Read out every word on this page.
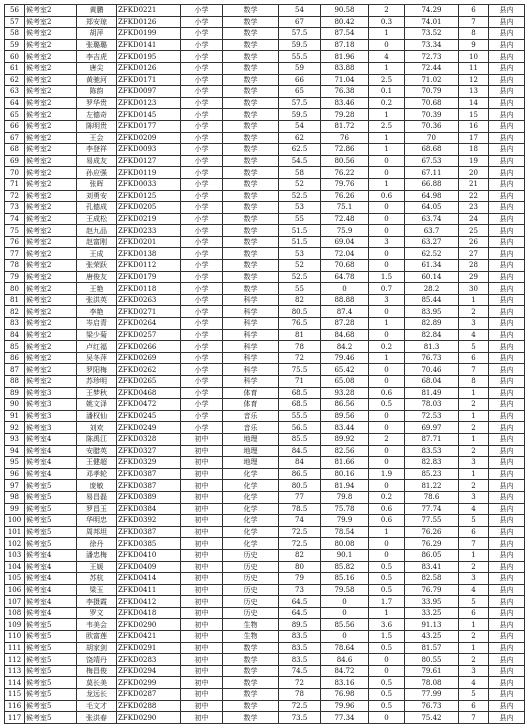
56	候考室2	黄鹏	ZFKD0221	小学	数学	54	90.58	2	74.29	6	县内
57	候考室2	郑安琼	ZFKD0126	小学	数学	67	80.42	0.3	74.01	7	县内
58	候考室2	胡萍	ZFKD0199	小学	数学	57.5	87.54	1	73.52	8	县内
59	候考室2	张璐璐	ZFKD0141	小学	数学	59.5	87.18	0	73.34	9	县内
60	候考室2	李吉虎	ZFKD0195	小学	数学	55.5	81.96	4	72.73	10	县内
61	候考室2	唐尖	ZFKD0126	小学	数学	59	83.88	1	72.44	11	县内
62	候考室2	黄驰河	ZFKD0171	小学	数学	66	71.04	2.5	71.02	12	县内
63	候考室2	陈韵	ZFKD0097	小学	数学	65	76.38	0.1	70.79	13	县内
64	候考室2	罗华贵	ZFKD0123	小学	数学	57.5	83.46	0.2	70.68	14	县内
65	候考室2	左德奇	ZFKD0145	小学	数学	59.5	79.28	1	70.39	15	县内
66	候考室2	陈明贵	ZFKD0177	小学	数学	54	81.72	2.5	70.36	16	县内
67	候考室2	王会	ZFKD0209	小学	数学	62	76	1	70	17	县内
68	候考室2	李登祥	ZFKD0093	小学	数学	62.5	72.86	1	68.68	18	县内
69	候考室2	易成友	ZFKD0127	小学	数学	54.5	80.56	0	67.53	19	县内
70	候考室2	孙应强	ZFKD0119	小学	数学	58	76.22	0	67.11	20	县内
71	候考室2	张晖	ZFKD0033	小学	数学	52	79.76	1	66.88	21	县内
72	候考室2	刘勇安	ZFKD0125	小学	数学	52.5	76.26	0.6	64.98	22	县内
73	候考室2	孔德成	ZFKD0205	小学	数学	53	75.1	0	64.05	23	县内
74	候考室2	王成松	ZFKD0219	小学	数学	55	72.48	0	63.74	24	县内
75	候考室2	赵九品	ZFKD0233	小学	数学	51.5	75.9	0	63.7	25	县内
76	候考室2	赵富刚	ZFKD0201	小学	数学	51.5	69.04	3	63.27	26	县内
77	候考室2	王成	ZFKD0138	小学	数学	53	72.04	0	62.52	27	县内
78	候考室2	张荣跃	ZFKD0112	小学	数学	52	70.68	0	61.34	28	县内
79	候考室2	唐俊友	ZFKD0179	小学	数学	52.5	64.78	1.5	60.14	29	县内
80	候考室2	王艳	ZFKD0118	小学	数学	55	0	0.7	28.2	30	县内
81	候考室2	张洪英	ZFKD0263	小学	科学	82	88.88	3	85.44	1	县内
82	候考室2	李艳	ZFKD0271	小学	科学	80.5	87.4	0	83.95	2	县内
83	候考室2	岑启青	ZFKD0264	小学	科学	76.5	87.28	1	82.89	3	县内
84	候考室2	梁少菊	ZFKD0257	小学	科学	81	84.68	0	82.84	4	县内
85	候考室2	卢红福	ZFKD0266	小学	科学	78	84.2	0.2	81.3	5	县内
86	候考室2	吴冬萍	ZFKD0269	小学	科学	72	79.46	1	76.73	6	县内
87	候考室2	罗阳梅	ZFKD0262	小学	科学	75.5	65.42	0	70.46	7	县内
88	候考室2	苏珍明	ZFKD0265	小学	科学	71	65.08	0	68.04	8	县内
89	候考室3	王梦秋	ZFKD0468	小学	体育	68.5	93.28	0.6	81.49	1	县内
90	候考室3	姚文泽	ZFKD0472	小学	体育	68.5	86.56	0.5	78.03	2	县内
91	候考室3	潘权仙	ZFKD0245	小学	音乐	55.5	89.56	0	72.53	1	县内
92	候考室3	刘欢	ZFKD0249	小学	音乐	56.5	83.44	0	69.97	2	县内
93	候考室4	陈禹江	ZFKD0328	初中	地理	85.5	89.92	2	87.71	1	县内
94	候考室4	安腊英	ZFKD0327	初中	地理	84.5	82.56	0	83.53	2	县内
95	候考室4	王健超	ZFKD0329	初中	地理	84	81.66	0	82.83	3	县内
96	候考室4	邓孝轮	ZFKD0387	初中	化学	86.5	80.16	1.9	85.23	1	县内
97	候考室5	庞敏	ZFKD0387	初中	化学	80.5	81.94	0	81.22	2	县内
98	候考室5	易昌磊	ZFKD0389	初中	化学	77	79.8	0.2	78.6	3	县内
99	候考室5	罗昌玉	ZFKD0384	初中	化学	78.5	75.78	0.6	77.74	4	县内
100	候考室5	华明忠	ZFKD0392	初中	化学	74	79.9	0.6	77.55	5	县内
101	候考室5	周邦坦	ZFKD0387	初中	化学	72.5	78.54	1	76.26	6	县内
102	候考室5	徐丹	ZFKD0385	初中	化学	72.5	80.08	0	76.29	7	县内
103	候考室4	潘忠梅	ZFKD0410	初中	历史	82	90.1	0	86.05	1	县内
104	候考室4	王媛	ZFKD0409	初中	历史	80	85.82	0.5	83.41	2	县内
105	候考室4	苏杭	ZFKD0414	初中	历史	79	85.16	0.5	82.58	3	县内
106	候考室4	梁玉	ZFKD0411	初中	历史	73	79.58	0.5	76.79	4	县内
107	候考室4	李摄霞	ZFKD0412	初中	历史	64.5	0	1.7	33.95	5	县内
108	候考室4	罗文	ZFKD0418	初中	历史	64.5	0	1	33.25	6	县内
109	候考室5	韦美会	ZFKD0290	初中	生物	89.5	85.56	3.6	91.13	1	县内
110	候考室5	欧富莲	ZFKD0421	初中	生物	83.5	0	1.5	43.25	2	县内
111	候考室5	胡家剑	ZFKD0291	初中	数学	83.5	78.64	0.5	81.57	1	县内
112	候考室5	饶靖丹	ZFKD0283	初中	数学	83.5	84.6	0	80.55	2	县内
113	候考室5	梅昌俊	ZFKD0294	初中	数学	74.5	84.72	0	79.61	3	县内
114	候考室5	莫长美	ZFKD0299	初中	数学	72	83.16	0.5	78.08	4	县内
115	候考室5	龙远长	ZFKD0287	初中	数学	78	76.98	0.5	77.99	5	县内
116	候考室5	毛文才	ZFKD0288	初中	数学	72.5	79.96	0.5	76.73	6	县内
117	候考室5	张洪春	ZFKD0290	初中	数学	73.5	77.34	0	75.42	7	县内
